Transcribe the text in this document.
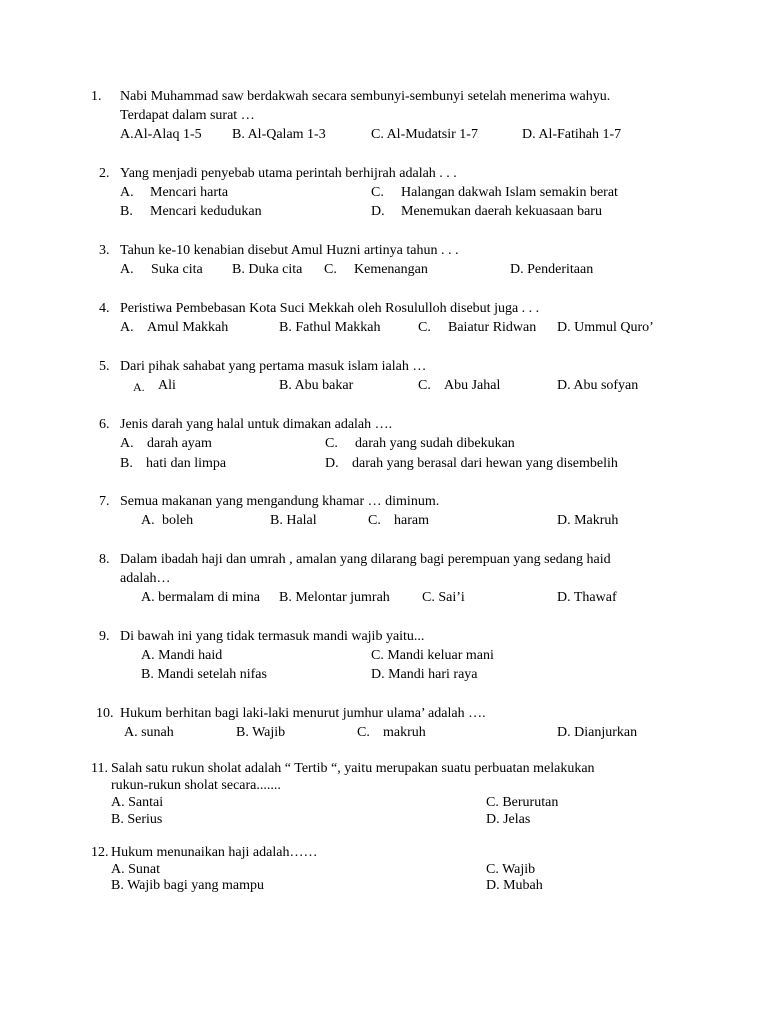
1. Nabi Muhammad saw berdakwah secara sembunyi-sembunyi setelah menerima wahyu.
Terdapat dalam surat …
A.Al-Alaq 1-5 B. Al-Qalam 1-3	C. Al-Mudatsir 1-7	D. Al-Fatihah 1-7
2. Yang menjadi penyebab utama perintah berhijrah adalah . . .
A. Mencari harta	C. Halangan dakwah Islam semakin berat
B. Mencari kedudukan	D. Menemukan daerah kekuasaan baru
3. Tahun ke-10 kenabian disebut Amul Huzni artinya tahun . . .
A. Suka cita B. Duka cita C. Kemenangan	D. Penderitaan
4. Peristiwa Pembebasan Kota Suci Mekkah oleh Rosululloh disebut juga . . .
A. Amul Makkah	B. Fathul Makkah	C. Baiatur Ridwan D. Ummul Quro’
5. Dari pihak sahabat yang pertama masuk islam ialah …
A. Ali	B. Abu bakar	C. Abu Jahal	D. Abu sofyan
6. Jenis darah yang halal untuk dimakan adalah ….
A. darah ayam	C. darah yang sudah dibekukan
B. hati dan limpa	D. darah yang berasal dari hewan yang disembelih
7. Semua makanan yang mengandung khamar … diminum.
A. boleh	B. Halal	C. haram	D. Makruh
8. Dalam ibadah haji dan umrah , amalan yang dilarang bagi perempuan yang sedang haid
adalah…
A. bermalam di mina B. Melontar jumrah C. Sai’i	D. Thawaf
9. Di bawah ini yang tidak termasuk mandi wajib yaitu...
A. Mandi haid	C. Mandi keluar mani
B. Mandi setelah nifas	D. Mandi hari raya
10. Hukum berhitan bagi laki-laki menurut jumhur ulama’ adalah ….
A. sunah	B. Wajib	C. makruh	D. Dianjurkan
11. Salah satu rukun sholat adalah “ Tertib “, yaitu merupakan suatu perbuatan melakukan
rukun-rukun sholat secara.......
A. Santai	C. Berurutan
B. Serius	D. Jelas
12. Hukum menunaikan haji adalah……
A. Sunat	C. Wajib
B. Wajib bagi yang mampu	D. Mubah
